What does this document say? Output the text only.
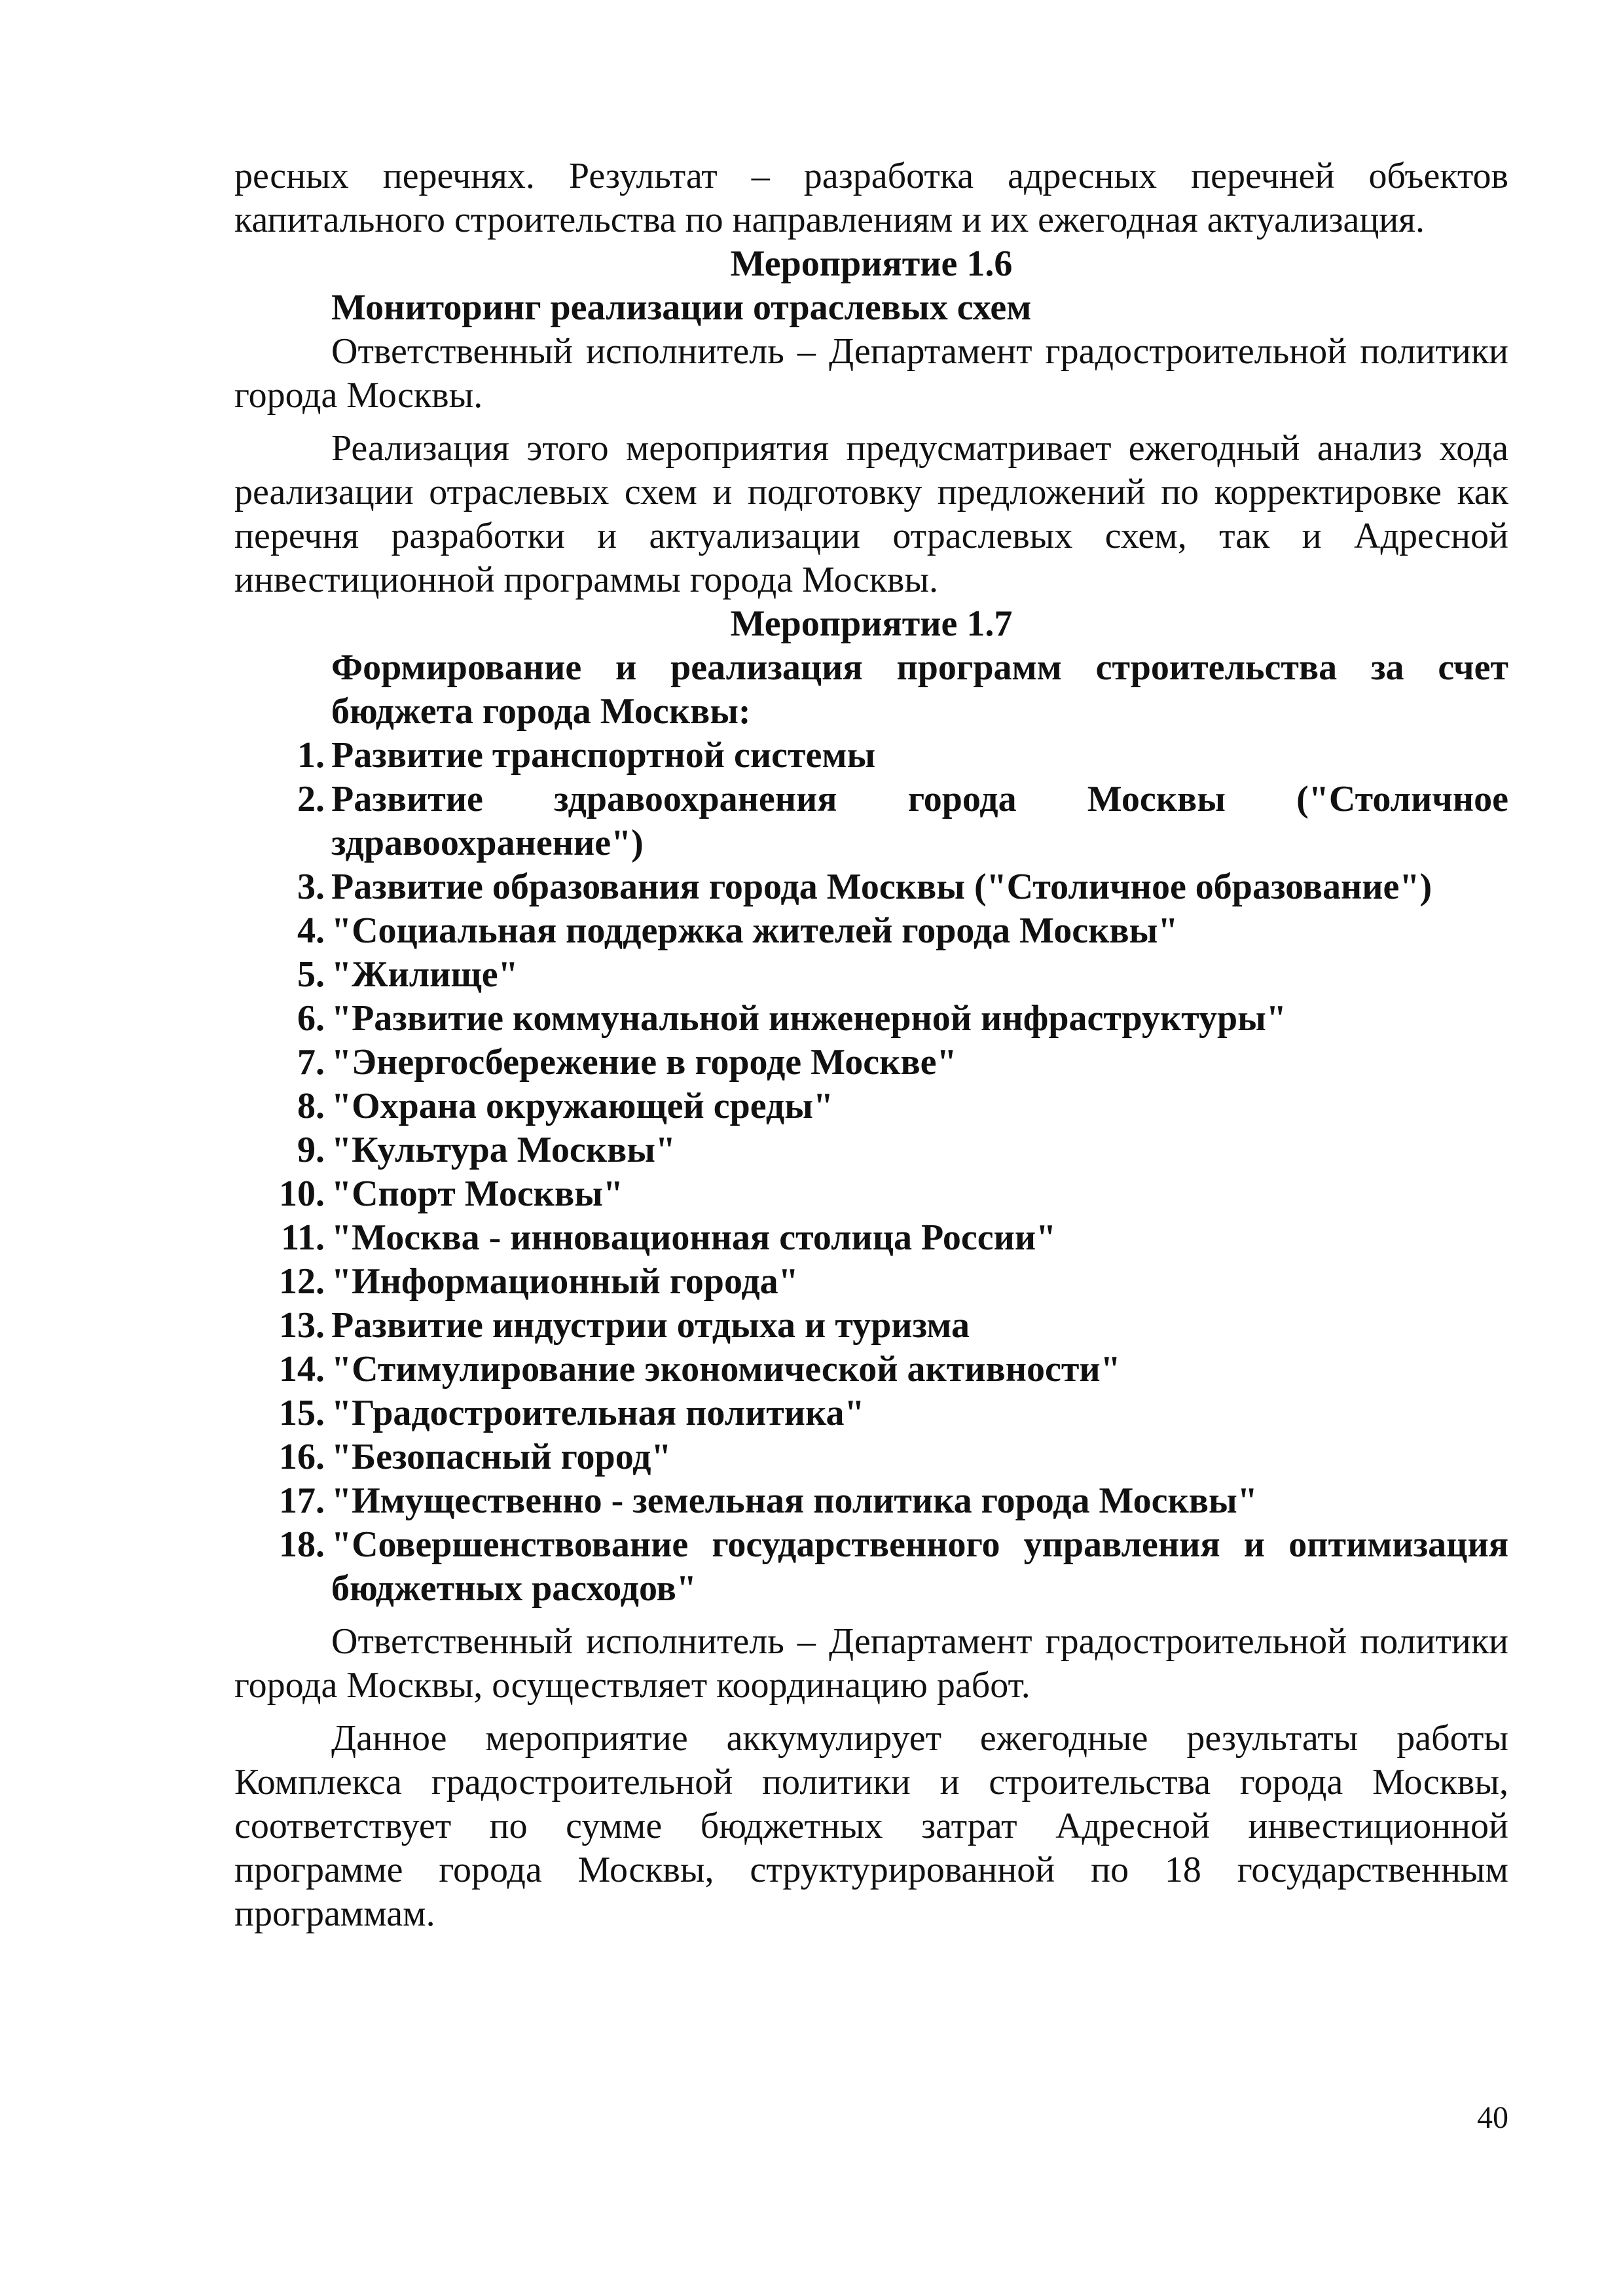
ресных перечнях. Результат – разработка адресных перечней объектов капитального строительства по направлениям и их ежегодная актуализация.

Мероприятие 1.6

Мониторинг реализации отраслевых схем

Ответственный исполнитель – Департамент градостроительной политики города Москвы.

Реализация этого мероприятия предусматривает ежегодный анализ хода реализации отраслевых схем и подготовку предложений по корректировке как перечня разработки и актуализации отраслевых схем, так и Адресной инвестиционной программы города Москвы.

Мероприятие 1.7

Формирование и реализация программ строительства за счет бюджета города Москвы:

1. Развитие транспортной системы
2. Развитие здравоохранения города Москвы ("Столичное здравоохранение")
3. Развитие образования города Москвы ("Столичное образование")
4. "Социальная поддержка жителей города Москвы"
5. "Жилище"
6. "Развитие коммунальной инженерной инфраструктуры"
7. "Энергосбережение в городе Москве"
8. "Охрана окружающей среды"
9. "Культура Москвы"
10. "Спорт Москвы"
11. "Москва - инновационная столица России"
12. "Информационный города"
13. Развитие индустрии отдыха и туризма
14. "Стимулирование экономической активности"
15. "Градостроительная политика"
16. "Безопасный город"
17. "Имущественно - земельная политика города Москвы"
18. "Совершенствование государственного управления и оптимизация бюджетных расходов"

Ответственный исполнитель – Департамент градостроительной политики города Москвы, осуществляет координацию работ.

Данное мероприятие аккумулирует ежегодные результаты работы Комплекса градостроительной политики и строительства города Москвы, соответствует по сумме бюджетных затрат Адресной инвестиционной программе города Москвы, структурированной по 18 государственным программам.

40
